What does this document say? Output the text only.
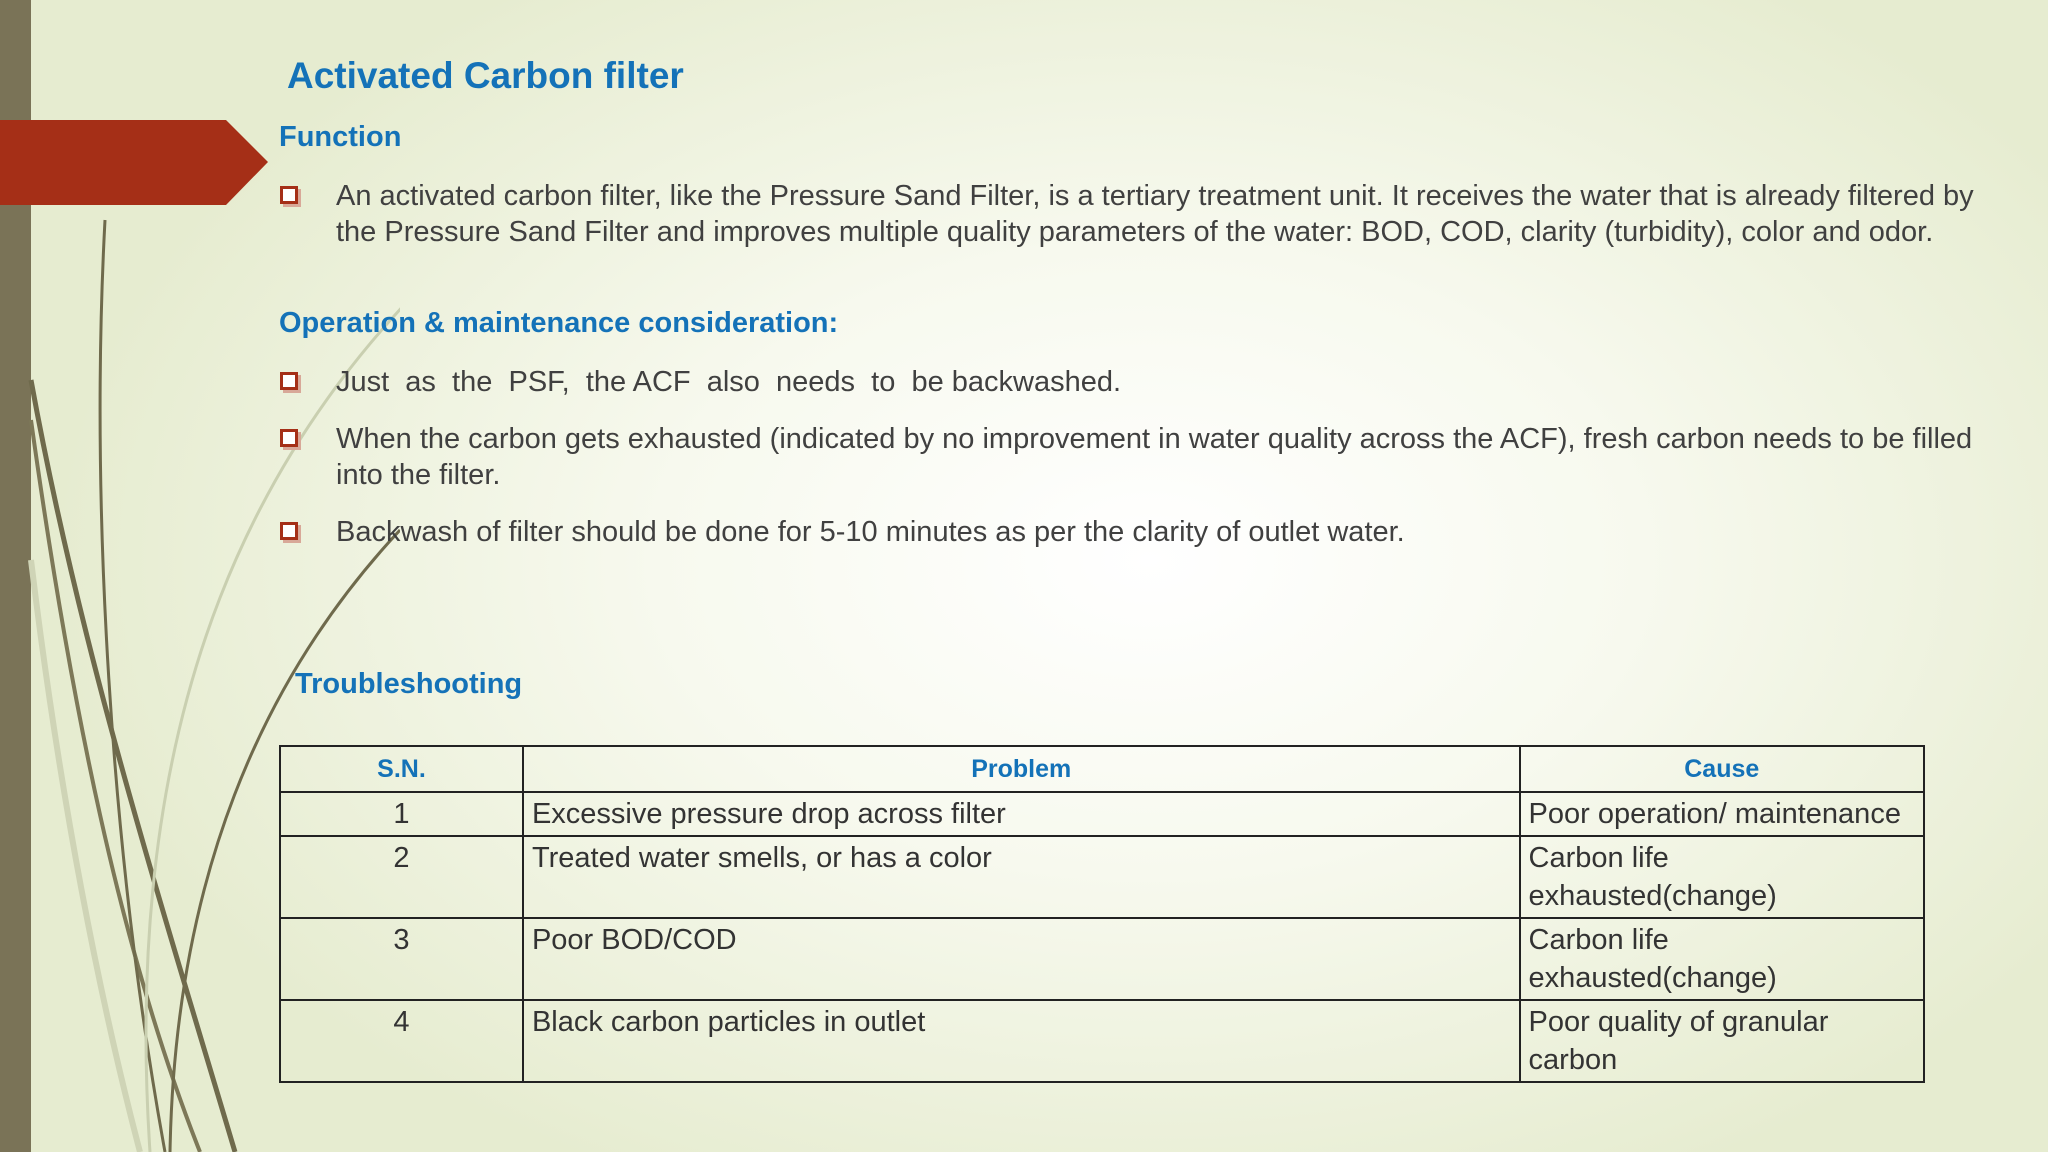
Activated Carbon filter
Function
An activated carbon filter, like the Pressure Sand Filter, is a tertiary treatment unit. It receives the water that is already filtered by the Pressure Sand Filter and improves multiple quality parameters of the water: BOD, COD, clarity (turbidity), color and odor.
Operation & maintenance consideration:
Just  as  the  PSF,  the ACF  also  needs  to  be backwashed.
When the carbon gets exhausted (indicated by no improvement in water quality across the ACF), fresh carbon needs to be filled into the filter.
Backwash of filter should be done for 5-10 minutes as per the clarity of outlet water.
Troubleshooting
S.N.	Problem	Cause
1	Excessive pressure drop across filter	Poor operation/ maintenance
2	Treated water smells, or has a color	Carbon life exhausted(change)
3	Poor BOD/COD	Carbon life exhausted(change)
4	Black carbon particles in outlet	Poor quality of granular carbon
